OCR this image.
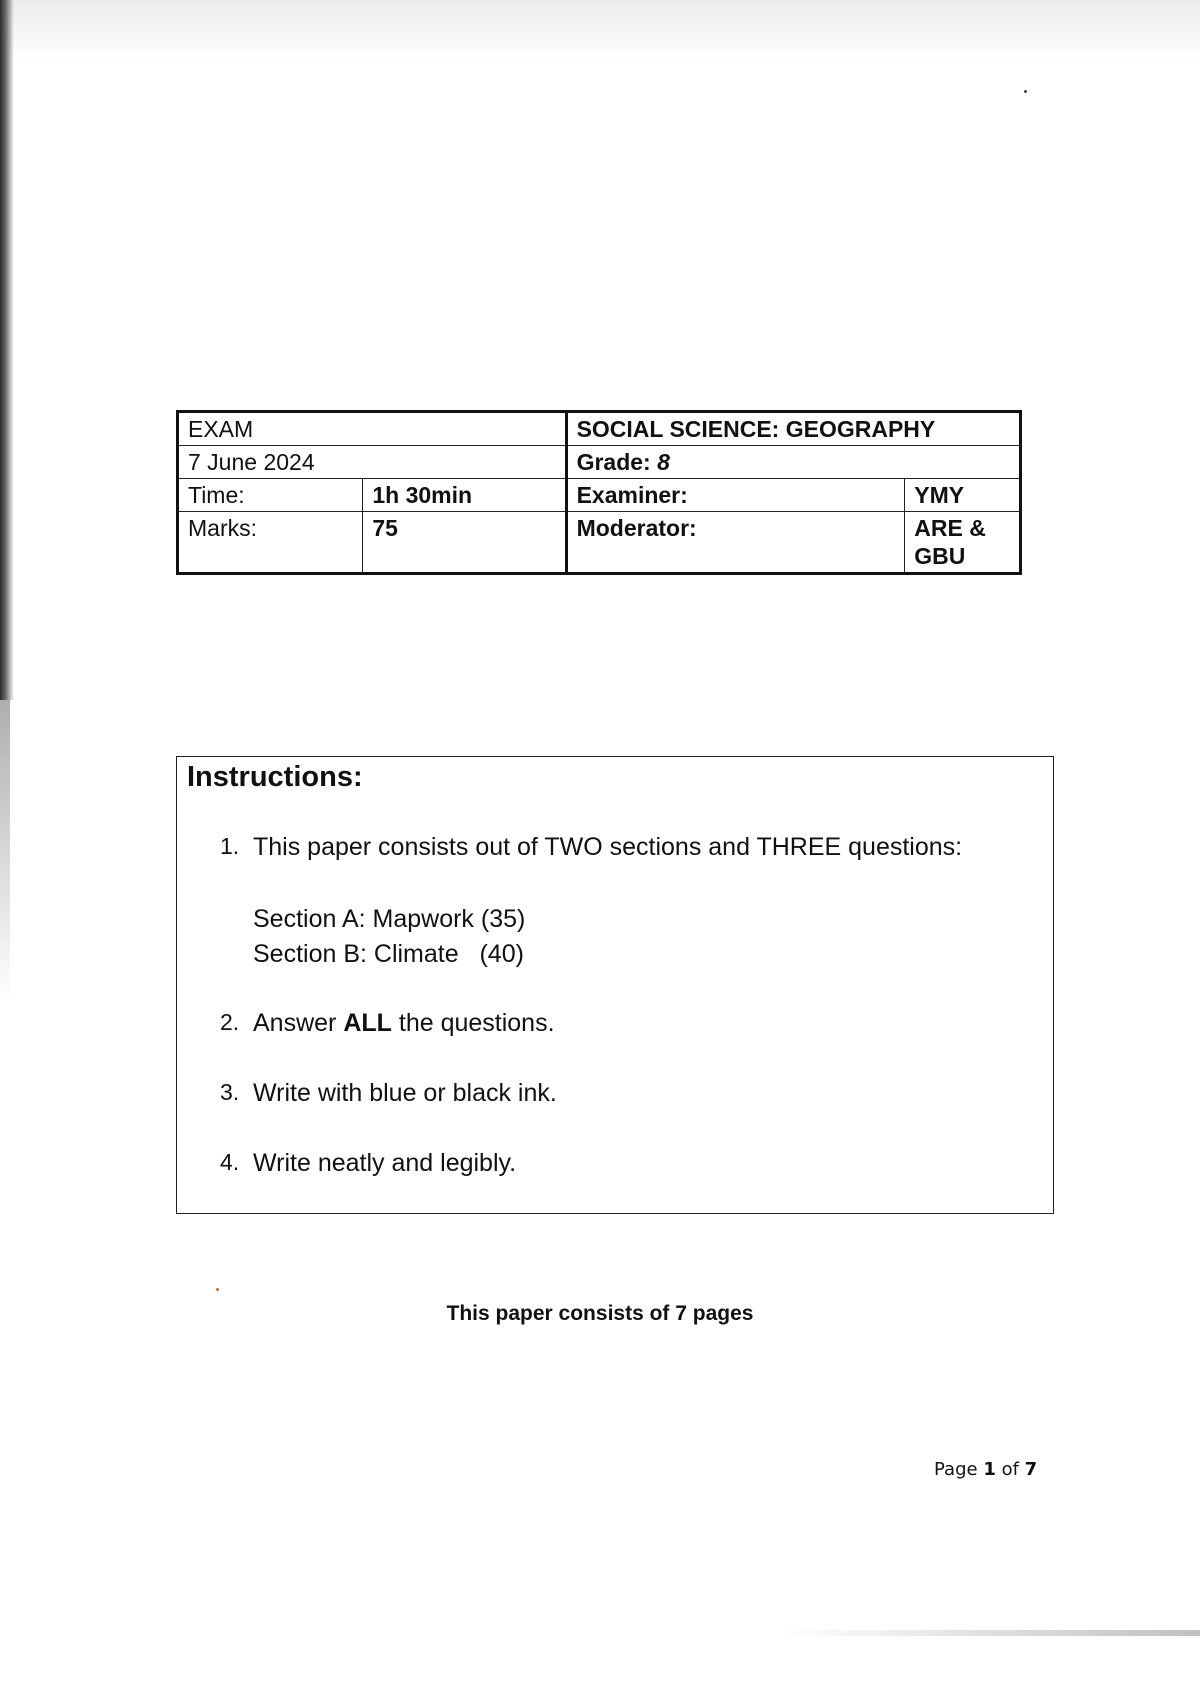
EXAM		SOCIAL SCIENCE: GEOGRAPHY	
7 June 2024		Grade: 8	
Time:	1h 30min	Examiner:	YMY
Marks:	75	Moderator:	ARE &
GBU
Instructions:
1. This paper consists out of TWO sections and THREE questions:
Section A: Mapwork (35)
Section B: Climate   (40)
2. Answer ALL the questions.
3. Write with blue or black ink.
4. Write neatly and legibly.
This paper consists of 7 pages
Page 1 of 7
